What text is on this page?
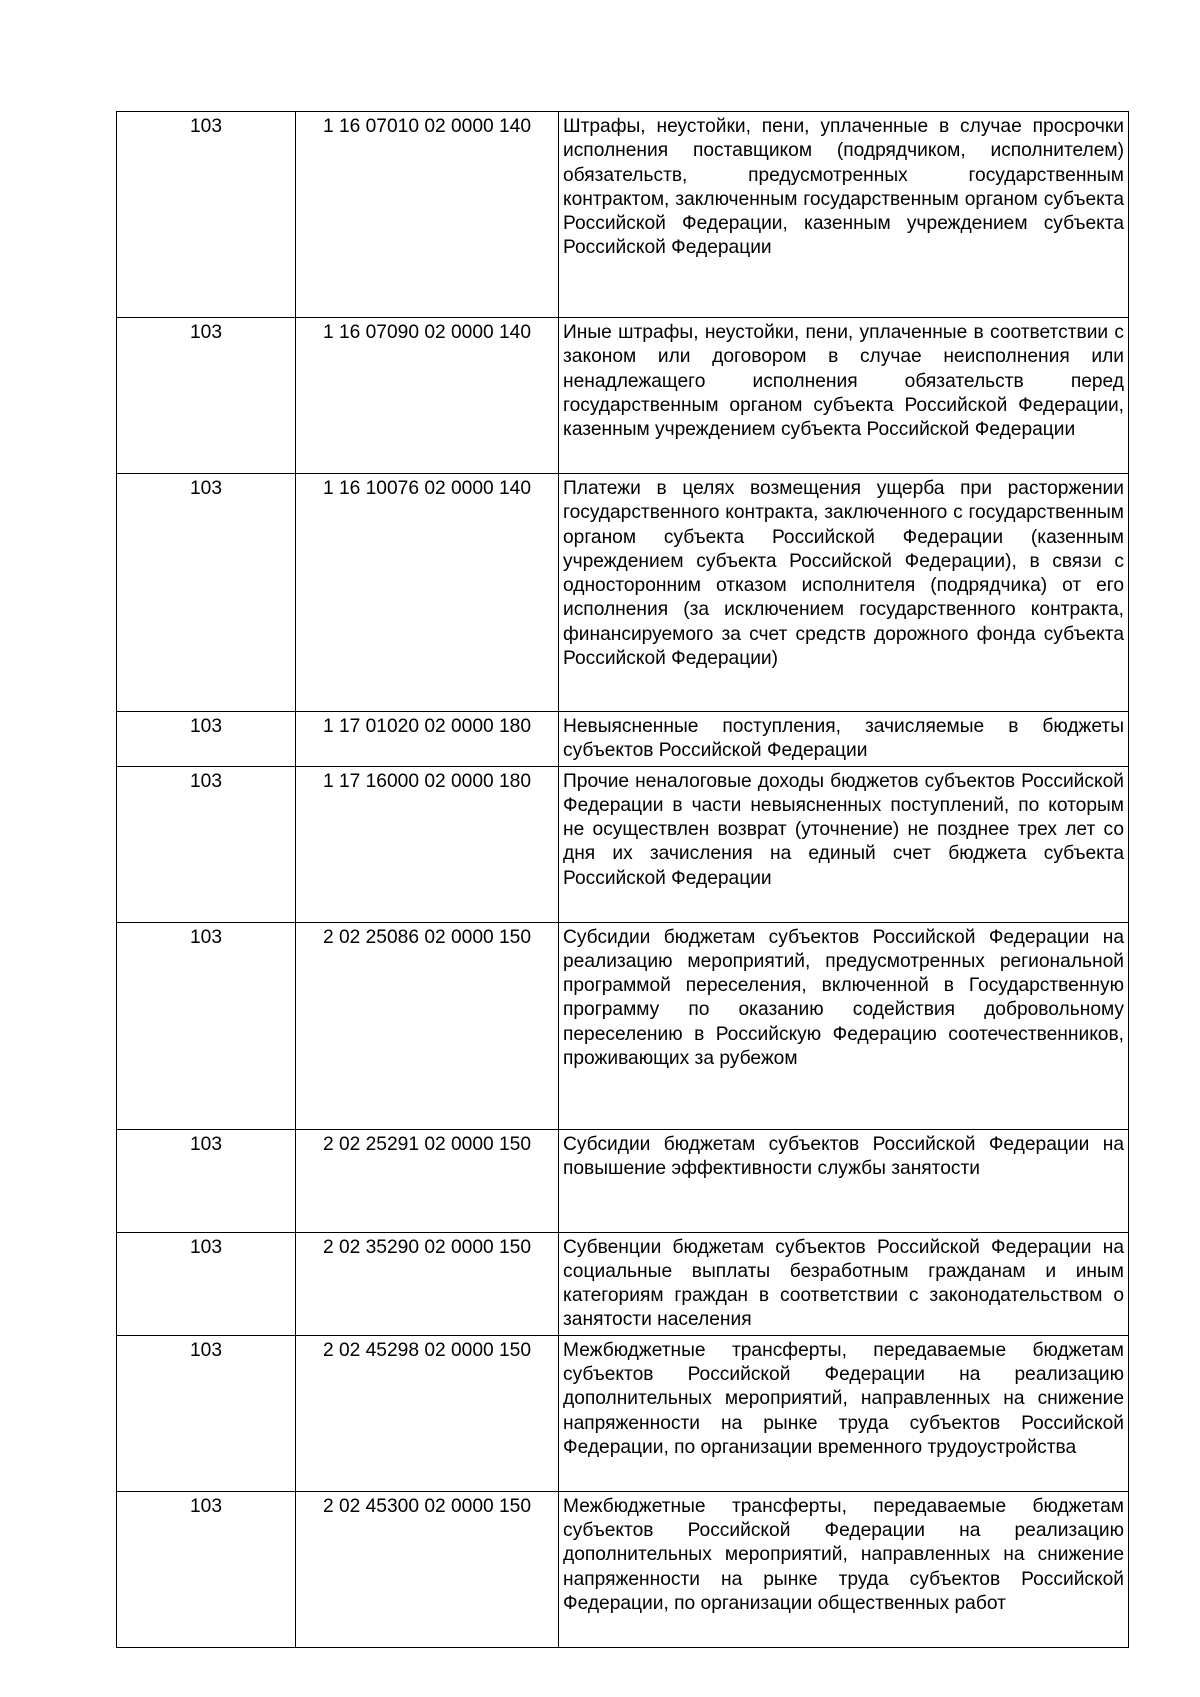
103	1 16 07010 02 0000 140	Штрафы, неустойки, пени, уплаченные в случае просрочки исполнения поставщиком (подрядчиком, исполнителем) обязательств, предусмотренных государственным контрактом, заключенным государственным органом субъекта Российской Федерации, казенным учреждением субъекта Российской Федерации
103	1 16 07090 02 0000 140	Иные штрафы, неустойки, пени, уплаченные в соответствии с законом или договором в случае неисполнения или ненадлежащего исполнения обязательств перед государственным органом субъекта Российской Федерации, казенным учреждением субъекта Российской Федерации
103	1 16 10076 02 0000 140	Платежи в целях возмещения ущерба при расторжении государственного контракта, заключенного с государственным органом субъекта Российской Федерации (казенным учреждением субъекта Российской Федерации), в связи с односторонним отказом исполнителя (подрядчика) от его исполнения (за исключением государственного контракта, финансируемого за счет средств дорожного фонда субъекта Российской Федерации)
103	1 17 01020 02 0000 180	Невыясненные поступления, зачисляемые в бюджеты субъектов Российской Федерации
103	1 17 16000 02 0000 180	Прочие неналоговые доходы бюджетов субъектов Российской Федерации в части невыясненных поступлений, по которым не осуществлен возврат (уточнение) не позднее трех лет со дня их зачисления на единый счет бюджета субъекта Российской Федерации
103	2 02 25086 02 0000 150	Субсидии бюджетам субъектов Российской Федерации на реализацию мероприятий, предусмотренных региональной программой переселения, включенной в Государственную программу по оказанию содействия добровольному переселению в Российскую Федерацию соотечественников, проживающих за рубежом
103	2 02 25291 02 0000 150	Субсидии бюджетам субъектов Российской Федерации на повышение эффективности службы занятости
103	2 02 35290 02 0000 150	Субвенции бюджетам субъектов Российской Федерации на социальные выплаты безработным гражданам и иным категориям граждан в соответствии с законодательством о занятости населения
103	2 02 45298 02 0000 150	Межбюджетные трансферты, передаваемые бюджетам субъектов Российской Федерации на реализацию дополнительных мероприятий, направленных на снижение напряженности на рынке труда субъектов Российской Федерации, по организации временного трудоустройства
103	2 02 45300 02 0000 150	Межбюджетные трансферты, передаваемые бюджетам субъектов Российской Федерации на реализацию дополнительных мероприятий, направленных на снижение напряженности на рынке труда субъектов Российской Федерации, по организации общественных работ
